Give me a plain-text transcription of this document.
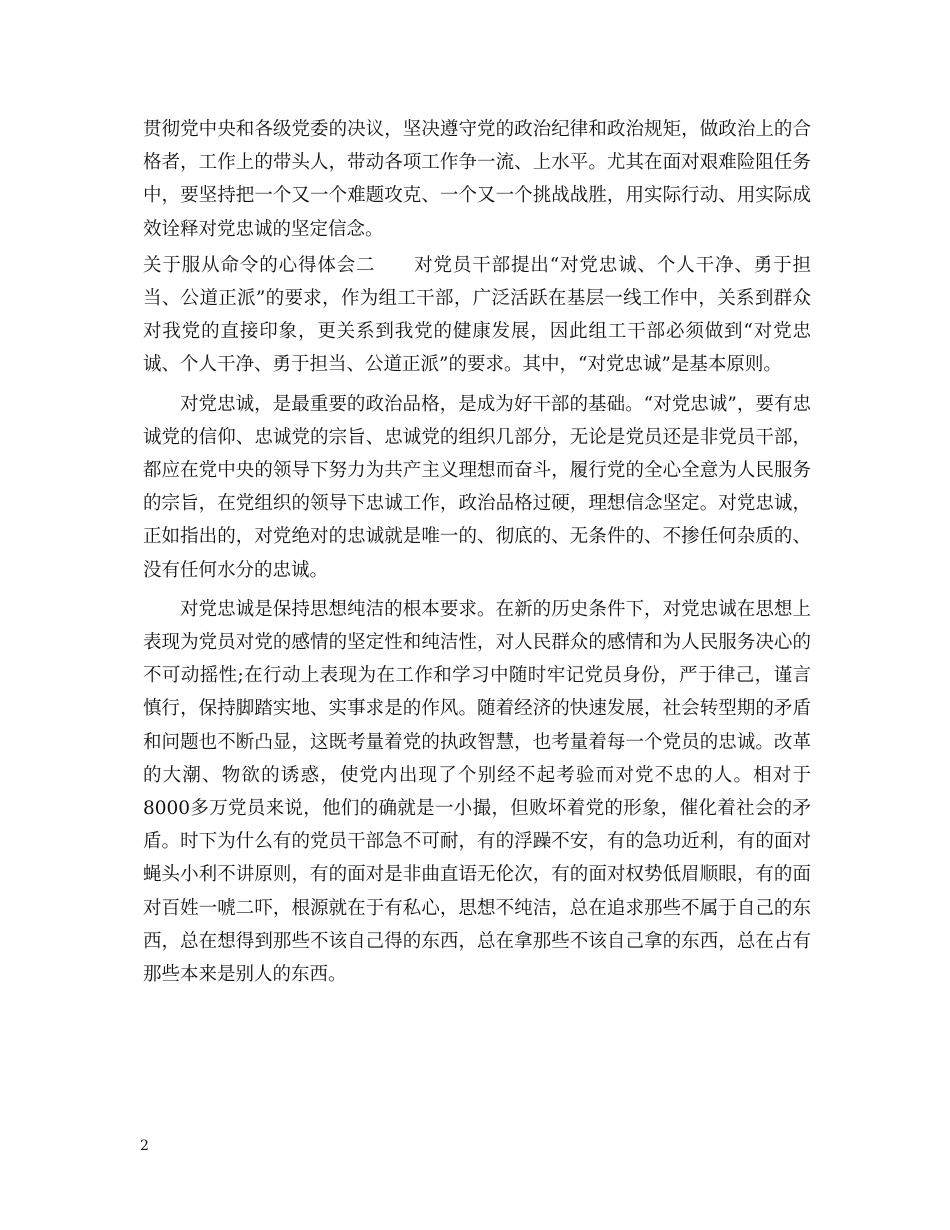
贯彻党中央和各级党委的决议，坚决遵守党的政治纪律和政治规矩，做政治上的合格者，工作上的带头人，带动各项工作争一流、上水平。尤其在面对艰难险阻任务中，要坚持把一个又一个难题攻克、一个又一个挑战战胜，用实际行动、用实际成效诠释对党忠诚的坚定信念。

关于服从命令的心得体会二　　对党员干部提出“对党忠诚、个人干净、勇于担当、公道正派”的要求，作为组工干部，广泛活跃在基层一线工作中，关系到群众对我党的直接印象，更关系到我党的健康发展，因此组工干部必须做到“对党忠诚、个人干净、勇于担当、公道正派”的要求。其中，“对党忠诚”是基本原则。

对党忠诚，是最重要的政治品格，是成为好干部的基础。“对党忠诚”，要有忠诚党的信仰、忠诚党的宗旨、忠诚党的组织几部分，无论是党员还是非党员干部，都应在党中央的领导下努力为共产主义理想而奋斗，履行党的全心全意为人民服务的宗旨，在党组织的领导下忠诚工作，政治品格过硬，理想信念坚定。对党忠诚，正如指出的，对党绝对的忠诚就是唯一的、彻底的、无条件的、不掺任何杂质的、没有任何水分的忠诚。

对党忠诚是保持思想纯洁的根本要求。在新的历史条件下，对党忠诚在思想上表现为党员对党的感情的坚定性和纯洁性，对人民群众的感情和为人民服务决心的不可动摇性;在行动上表现为在工作和学习中随时牢记党员身份，严于律己，谨言慎行，保持脚踏实地、实事求是的作风。随着经济的快速发展，社会转型期的矛盾和问题也不断凸显，这既考量着党的执政智慧，也考量着每一个党员的忠诚。改革的大潮、物欲的诱惑，使党内出现了个别经不起考验而对党不忠的人。相对于8000多万党员来说，他们的确就是一小撮，但败坏着党的形象，催化着社会的矛盾。时下为什么有的党员干部急不可耐，有的浮躁不安，有的急功近利，有的面对蝇头小利不讲原则，有的面对是非曲直语无伦次，有的面对权势低眉顺眼，有的面对百姓一唬二吓，根源就在于有私心，思想不纯洁，总在追求那些不属于自己的东西，总在想得到那些不该自己得的东西，总在拿那些不该自己拿的东西，总在占有那些本来是别人的东西。

2
